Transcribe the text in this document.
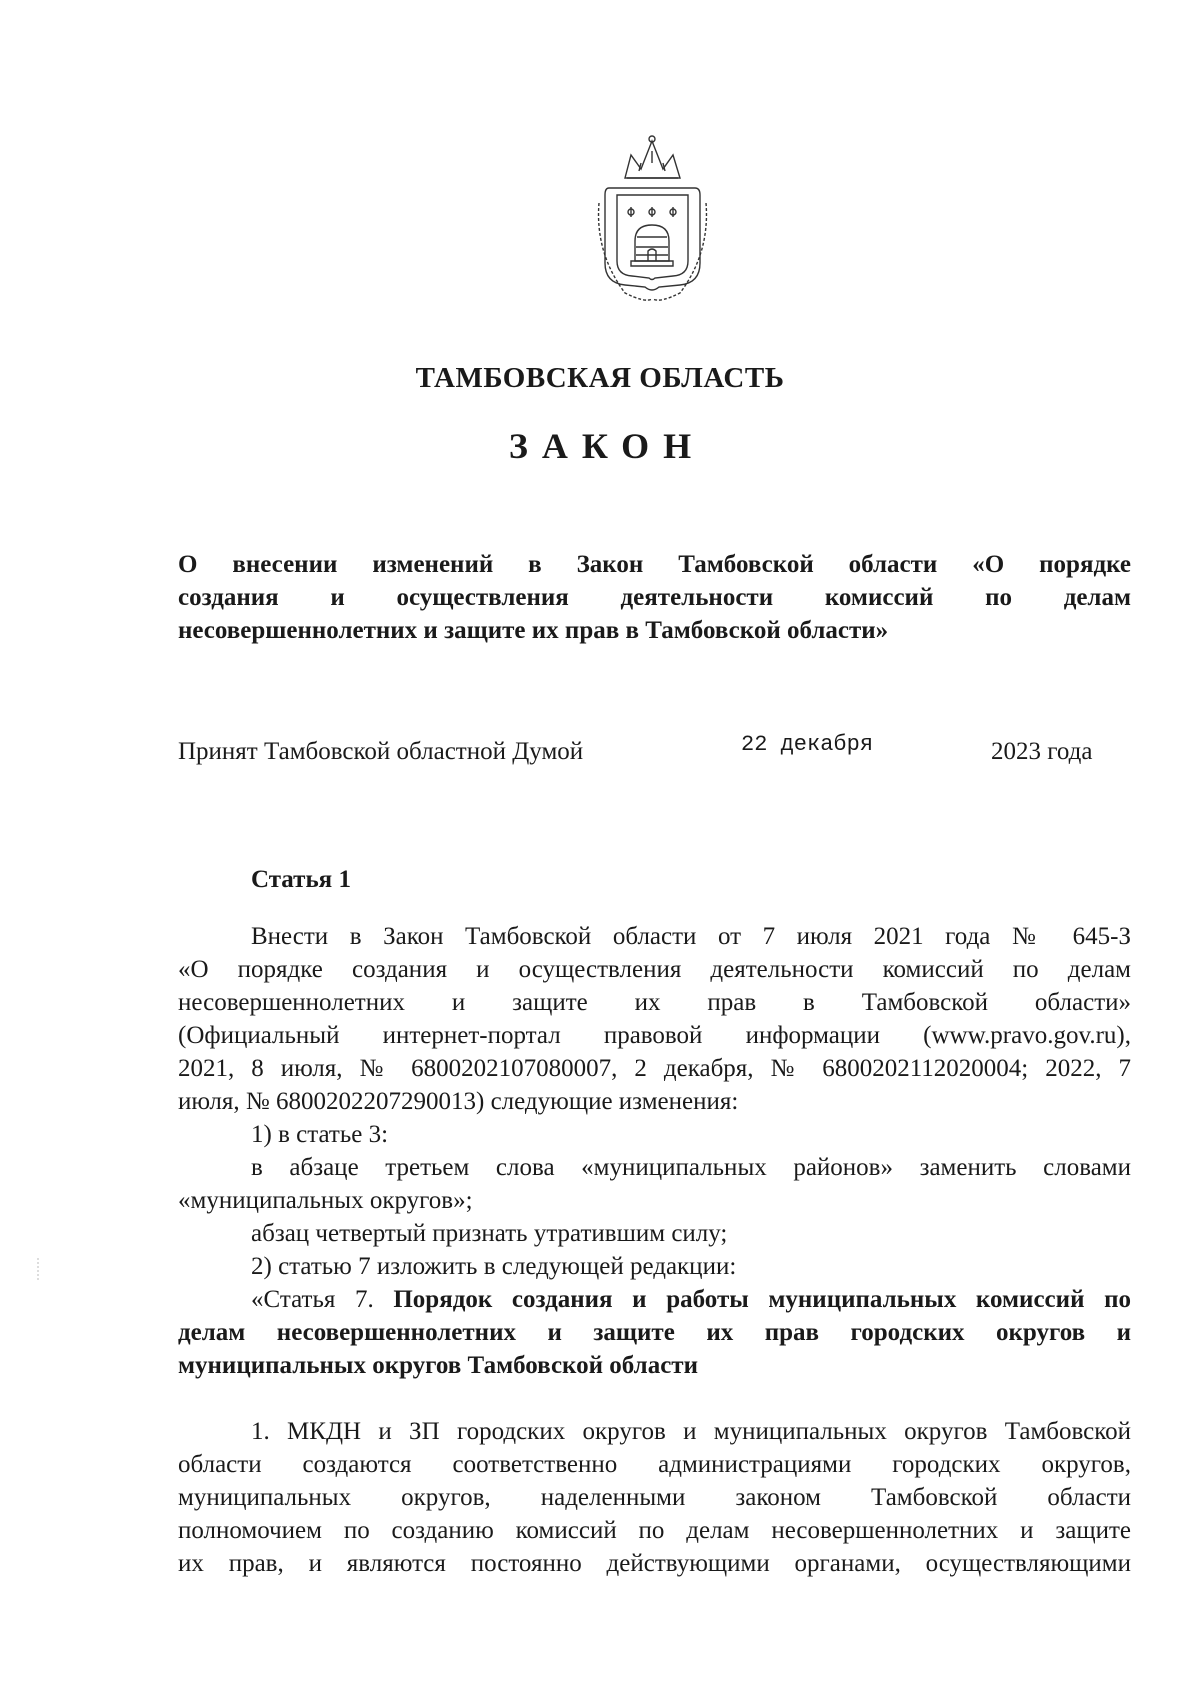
ТАМБОВСКАЯ ОБЛАСТЬ
ЗАКОН
О внесении изменений в Закон Тамбовской области «О порядке
создания и осуществления деятельности комиссий по делам
несовершеннолетних и защите их прав в Тамбовской области»
Принят Тамбовской областной Думой	22 декабря	2023 года
Статья 1
Внести в Закон Тамбовской области от 7 июля 2021 года № 645-З
«О порядке создания и осуществления деятельности комиссий по делам
несовершеннолетних и защите их прав в Тамбовской области»
(Официальный интернет-портал правовой информации (www.pravo.gov.ru),
2021, 8 июля, № 6800202107080007, 2 декабря, № 6800202112020004; 2022, 7
июля, № 6800202207290013) следующие изменения:
1) в статье 3:
в абзаце третьем слова «муниципальных районов» заменить словами
«муниципальных округов»;
абзац четвертый признать утратившим силу;
2) статью 7 изложить в следующей редакции:
«Статья 7. Порядок создания и работы муниципальных комиссий по
делам несовершеннолетних и защите их прав городских округов и
муниципальных округов Тамбовской области
1. МКДН и ЗП городских округов и муниципальных округов Тамбовской
области создаются соответственно администрациями городских округов,
муниципальных округов, наделенными законом Тамбовской области
полномочием по созданию комиссий по делам несовершеннолетних и защите
их прав, и являются постоянно действующими органами, осуществляющими
